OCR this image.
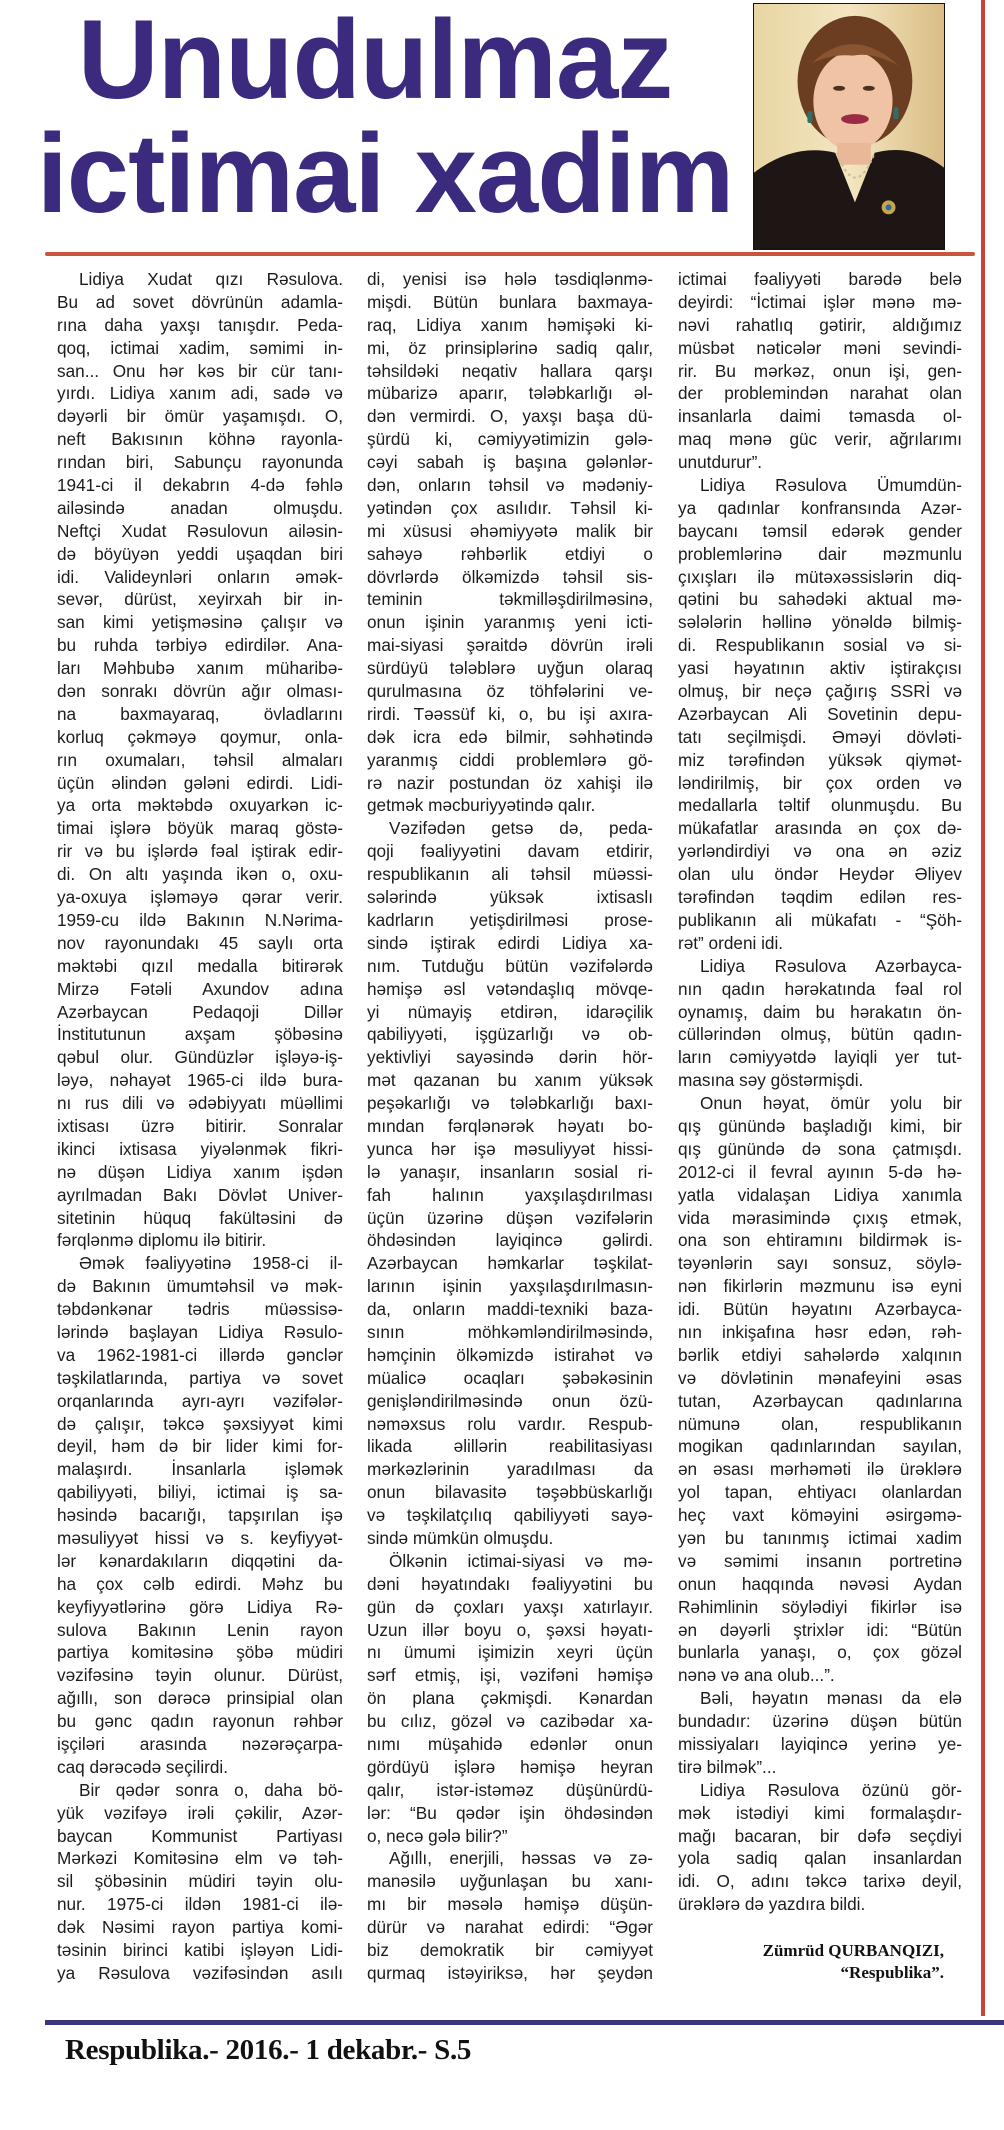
Unudulmaz
ictimai xadim
Lidiya Xudat qızı Rəsulova.
Bu ad sovet dövrünün adamla-
rına daha yaxşı tanışdır. Peda-
qoq, ictimai xadim, səmimi in-
san... Onu hər kəs bir cür tanı-
yırdı. Lidiya xanım adi, sadə və
dəyərli bir ömür yaşamışdı. O,
neft Bakısının köhnə rayonla-
rından biri, Sabunçu rayonunda
1941-ci il dekabrın 4-də fəhlə
ailəsində anadan olmuşdu.
Neftçi Xudat Rəsulovun ailəsin-
də böyüyən yeddi uşaqdan biri
idi. Valideynləri onların əmək-
sevər, dürüst, xeyirxah bir in-
san kimi yetişməsinə çalışır və
bu ruhda tərbiyə edirdilər. Ana-
ları Məhbubə xanım müharibə-
dən sonrakı dövrün ağır olması-
na baxmayaraq, övladlarını
korluq çəkməyə qoymur, onla-
rın oxumaları, təhsil almaları
üçün əlindən gələni edirdi. Lidi-
ya orta məktəbdə oxuyarkən ic-
timai işlərə böyük maraq göstə-
rir və bu işlərdə fəal iştirak edir-
di. On altı yaşında ikən o, oxu-
ya-oxuya işləməyə qərar verir.
1959-cu ildə Bakının N.Nərima-
nov rayonundakı 45 saylı orta
məktəbi qızıl medalla bitirərək
Mirzə Fətəli Axundov adına
Azərbaycan Pedaqoji Dillər
İnstitutunun axşam şöbəsinə
qəbul olur. Gündüzlər işləyə-iş-
ləyə, nəhayət 1965-ci ildə bura-
nı rus dili və ədəbiyyatı müəllimi
ixtisası üzrə bitirir. Sonralar
ikinci ixtisasa yiyələnmək fikri-
nə düşən Lidiya xanım işdən
ayrılmadan Bakı Dövlət Univer-
sitetinin hüquq fakültəsini də
fərqlənmə diplomu ilə bitirir.
Əmək fəaliyyətinə 1958-ci il-
də Bakının ümumtəhsil və mək-
təbdənkənar tədris müəssisə-
lərində başlayan Lidiya Rəsulo-
va 1962-1981-ci illərdə gənclər
təşkilatlarında, partiya və sovet
orqanlarında ayrı-ayrı vəzifələr-
də çalışır, təkcə şəxsiyyət kimi
deyil, həm də bir lider kimi for-
malaşırdı. İnsanlarla işləmək
qabiliyyəti, biliyi, ictimai iş sa-
həsində bacarığı, tapşırılan işə
məsuliyyət hissi və s. keyfiyyət-
lər kənardakıların diqqətini da-
ha çox cəlb edirdi. Məhz bu
keyfiyyətlərinə görə Lidiya Rə-
sulova Bakının Lenin rayon
partiya komitəsinə şöbə müdiri
vəzifəsinə təyin olunur. Dürüst,
ağıllı, son dərəcə prinsipial olan
bu gənc qadın rayonun rəhbər
işçiləri arasında nəzərəçarpa-
caq dərəcədə seçilirdi.
Bir qədər sonra o, daha bö-
yük vəzifəyə irəli çəkilir, Azər-
baycan Kommunist Partiyası
Mərkəzi Komitəsinə elm və təh-
sil şöbəsinin müdiri təyin olu-
nur. 1975-ci ildən 1981-ci ilə-
dək Nəsimi rayon partiya komi-
təsinin birinci katibi işləyən Lidi-
ya Rəsulova vəzifəsindən asılı
di, yenisi isə hələ təsdiqlənmə-
mişdi. Bütün bunlara baxmaya-
raq, Lidiya xanım həmişəki ki-
mi, öz prinsiplərinə sadiq qalır,
təhsildəki neqativ hallara qarşı
mübarizə aparır, tələbkarlığı əl-
dən vermirdi. O, yaxşı başa dü-
şürdü ki, cəmiyyətimizin gələ-
cəyi sabah iş başına gələnlər-
dən, onların təhsil və mədəniy-
yətindən çox asılıdır. Təhsil ki-
mi xüsusi əhəmiyyətə malik bir
sahəyə rəhbərlik etdiyi o
dövrlərdə ölkəmizdə təhsil sis-
teminin təkmilləşdirilməsinə,
onun işinin yaranmış yeni icti-
mai-siyasi şəraitdə dövrün irəli
sürdüyü tələblərə uyğun olaraq
qurulmasına öz töhfələrini ve-
rirdi. Təəssüf ki, o, bu işi axıra-
dək icra edə bilmir, səhhətində
yaranmış ciddi problemlərə gö-
rə nazir postundan öz xahişi ilə
getmək məcburiyyətində qalır.
Vəzifədən getsə də, peda-
qoji fəaliyyətini davam etdirir,
respublikanın ali təhsil müəssi-
sələrində yüksək ixtisaslı
kadrların yetişdirilməsi prose-
sində iştirak edirdi Lidiya xa-
nım. Tutduğu bütün vəzifələrdə
həmişə əsl vətəndaşlıq mövqe-
yi nümayiş etdirən, idarəçilik
qabiliyyəti, işgüzarlığı və ob-
yektivliyi sayəsində dərin hör-
mət qazanan bu xanım yüksək
peşəkarlığı və tələbkarlığı baxı-
mından fərqlənərək həyatı bo-
yunca hər işə məsuliyyət hissi-
lə yanaşır, insanların sosial ri-
fah halının yaxşılaşdırılması
üçün üzərinə düşən vəzifələrin
öhdəsindən layiqincə gəlirdi.
Azərbaycan həmkarlar təşkilat-
larının işinin yaxşılaşdırılmasın-
da, onların maddi-texniki baza-
sının möhkəmləndirilməsində,
həmçinin ölkəmizdə istirahət və
müalicə ocaqları şəbəkəsinin
genişləndirilməsində onun özü-
nəməxsus rolu vardır. Respub-
likada əlillərin reabilitasiyası
mərkəzlərinin yaradılması da
onun bilavasitə təşəbbüskarlığı
və təşkilatçılıq qabiliyyəti sayə-
sində mümkün olmuşdu.
Ölkənin ictimai-siyasi və mə-
dəni həyatındakı fəaliyyətini bu
gün də çoxları yaxşı xatırlayır.
Uzun illər boyu o, şəxsi həyatı-
nı ümumi işimizin xeyri üçün
sərf etmiş, işi, vəzifəni həmişə
ön plana çəkmişdi. Kənardan
bu cılız, gözəl və cazibədar xa-
nımı müşahidə edənlər onun
gördüyü işlərə həmişə heyran
qalır, istər-istəməz düşünürdü-
lər: “Bu qədər işin öhdəsindən
o, necə gələ bilir?”
Ağıllı, enerjili, həssas və zə-
manəsilə uyğunlaşan bu xanı-
mı bir məsələ həmişə düşün-
dürür və narahat edirdi: “Əgər
biz demokratik bir cəmiyyət
qurmaq istəyiriksə, hər şeydən
ictimai fəaliyyəti barədə belə
deyirdi: “İctimai işlər mənə mə-
nəvi rahatlıq gətirir, aldığımız
müsbət nəticələr məni sevindi-
rir. Bu mərkəz, onun işi, gen-
der problemindən narahat olan
insanlarla daimi təmasda ol-
maq mənə güc verir, ağrılarımı
unutdurur”.
Lidiya Rəsulova Ümumdün-
ya qadınlar konfransında Azər-
baycanı təmsil edərək gender
problemlərinə dair məzmunlu
çıxışları ilə mütəxəssislərin diq-
qətini bu sahədəki aktual mə-
sələlərin həllinə yönəldə bilmiş-
di. Respublikanın sosial və si-
yasi həyatının aktiv iştirakçısı
olmuş, bir neçə çağırış SSRİ və
Azərbaycan Ali Sovetinin depu-
tatı seçilmişdi. Əməyi dövləti-
miz tərəfindən yüksək qiymət-
ləndirilmiş, bir çox orden və
medallarla təltif olunmuşdu. Bu
mükafatlar arasında ən çox də-
yərləndirdiyi və ona ən əziz
olan ulu öndər Heydər Əliyev
tərəfindən təqdim edilən res-
publikanın ali mükafatı - “Şöh-
rət” ordeni idi.
Lidiya Rəsulova Azərbayca-
nın qadın hərəkatında fəal rol
oynamış, daim bu hərakatın ön-
cüllərindən olmuş, bütün qadın-
ların cəmiyyətdə layiqli yer tut-
masına səy göstərmişdi.
Onun həyat, ömür yolu bir
qış günündə başladığı kimi, bir
qış günündə də sona çatmışdı.
2012-ci il fevral ayının 5-də hə-
yatla vidalaşan Lidiya xanımla
vida mərasimində çıxış etmək,
ona son ehtiramını bildirmək is-
təyənlərin sayı sonsuz, söylə-
nən fikirlərin məzmunu isə eyni
idi. Bütün həyatını Azərbayca-
nın inkişafına həsr edən, rəh-
bərlik etdiyi sahələrdə xalqının
və dövlətinin mənafeyini əsas
tutan, Azərbaycan qadınlarına
nümunə olan, respublikanın
mogikan qadınlarından sayılan,
ən əsası mərhəməti ilə ürəklərə
yol tapan, ehtiyacı olanlardan
heç vaxt köməyini əsirgəmə-
yən bu tanınmış ictimai xadim
və səmimi insanın portretinə
onun haqqında nəvəsi Aydan
Rəhimlinin söylədiyi fikirlər isə
ən dəyərli ştrixlər idi: “Bütün
bunlarla yanaşı, o, çox gözəl
nənə və ana olub...”.
Bəli, həyatın mənası da elə
bundadır: üzərinə düşən bütün
missiyaları layiqincə yerinə ye-
tirə bilmək”...
Lidiya Rəsulova özünü gör-
mək istədiyi kimi formalaşdır-
mağı bacaran, bir dəfə seçdiyi
yola sadiq qalan insanlardan
idi. O, adını təkcə tarixə deyil,
ürəklərə də yazdıra bildi.
Zümrüd QURBANQIZI,
“Respublika”.
Respublika.- 2016.- 1 dekabr.- S.5
